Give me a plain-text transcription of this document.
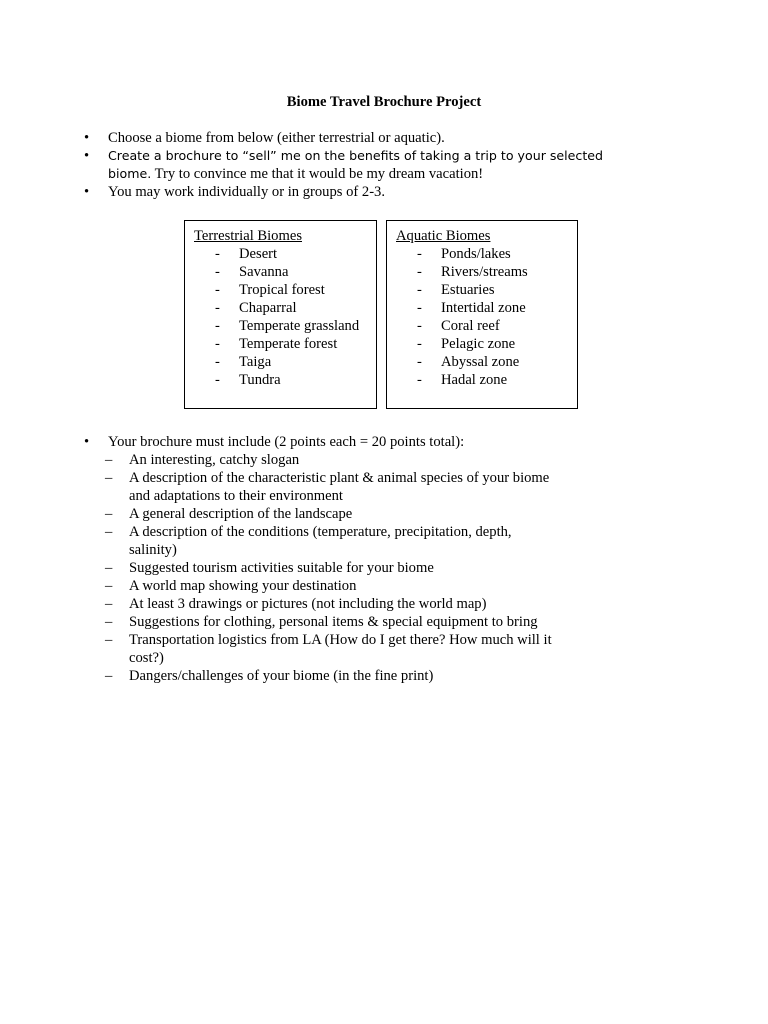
Biome Travel Brochure Project
• Choose a biome from below (either terrestrial or aquatic).
• Create a brochure to “sell” me on the benefits of taking a trip to your selected biome. Try to convince me that it would be my dream vacation!
• You may work individually or in groups of 2-3.
Terrestrial Biomes
- Desert
- Savanna
- Tropical forest
- Chaparral
- Temperate grassland
- Temperate forest
- Taiga
- Tundra
Aquatic Biomes
- Ponds/lakes
- Rivers/streams
- Estuaries
- Intertidal zone
- Coral reef
- Pelagic zone
- Abyssal zone
- Hadal zone
• Your brochure must include (2 points each = 20 points total):
– An interesting, catchy slogan
– A description of the characteristic plant & animal species of your biome and adaptations to their environment
– A general description of the landscape
– A description of the conditions (temperature, precipitation, depth, salinity)
– Suggested tourism activities suitable for your biome
– A world map showing your destination
– At least 3 drawings or pictures (not including the world map)
– Suggestions for clothing, personal items & special equipment to bring
– Transportation logistics from LA (How do I get there? How much will it cost?)
– Dangers/challenges of your biome (in the fine print)
